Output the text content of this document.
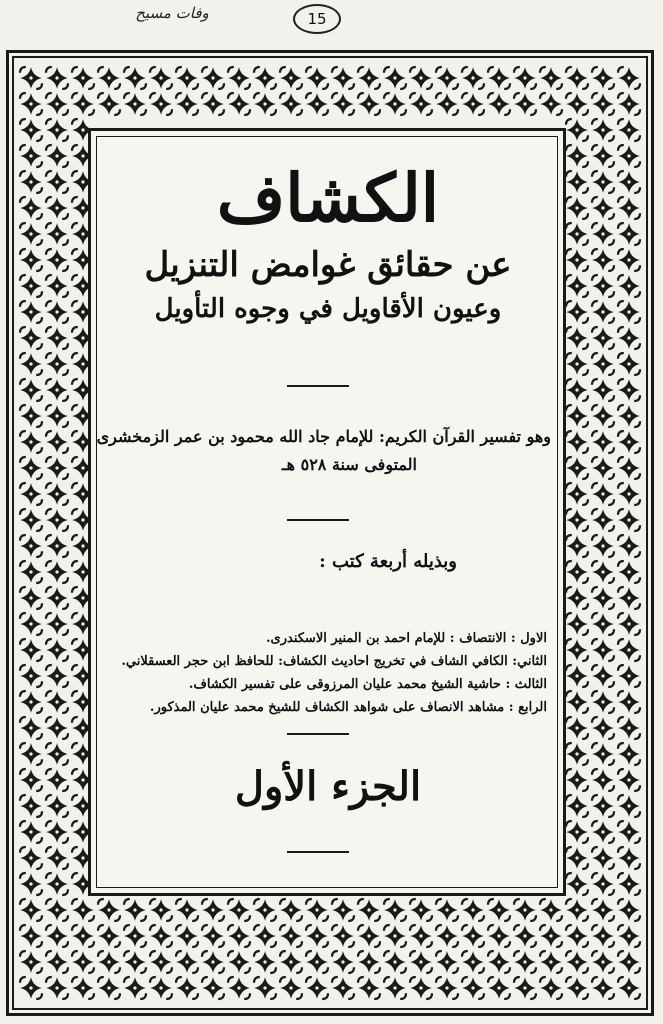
وفات مسيح	15
الكشاف
عن حقائق غوامض التنزيل
وعيون الأقاويل في وجوه التأويل
وهو تفسير القرآن الكريم: للإمام جاد الله محمود بن عمر الزمخشرى
المتوفى سنة ٥٢٨ هـ
وبذيله أربعة كتب :
الاول : الانتصاف : للإمام احمد بن المنير الاسكندرى.
الثاني: الكافي الشاف في تخريج احاديث الكشاف: للحافظ ابن حجر العسقلاني.
الثالث : حاشية الشيخ محمد عليان المرزوقى على تفسير الكشاف.
الرابع : مشاهد الانصاف على شواهد الكشاف للشيخ محمد عليان المذكور.
الجزء الأول
